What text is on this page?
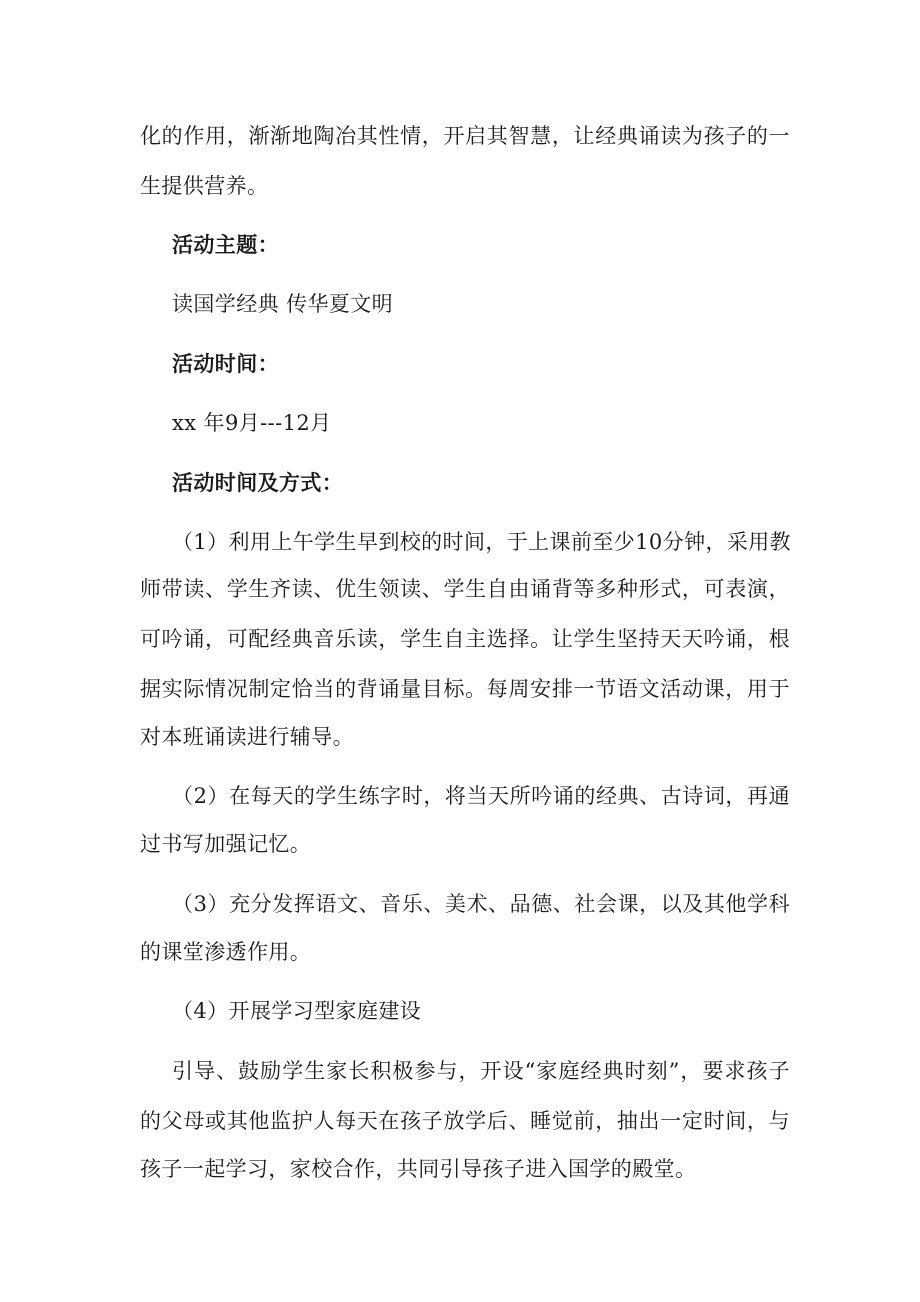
化的作用，渐渐地陶冶其性情，开启其智慧，让经典诵读为孩子的一
生提供营养。
活动主题：
读国学经典 传华夏文明
活动时间：
xx 年9月---12月
活动时间及方式：
（1）利用上午学生早到校的时间，于上课前至少10分钟，采用教
师带读、学生齐读、优生领读、学生自由诵背等多种形式，可表演，
可吟诵，可配经典音乐读，学生自主选择。让学生坚持天天吟诵，根
据实际情况制定恰当的背诵量目标。每周安排一节语文活动课，用于
对本班诵读进行辅导。
（2）在每天的学生练字时，将当天所吟诵的经典、古诗词，再通
过书写加强记忆。
（3）充分发挥语文、音乐、美术、品德、社会课，以及其他学科
的课堂渗透作用。
（4）开展学习型家庭建设
引导、鼓励学生家长积极参与，开设“家庭经典时刻”，要求孩子
的父母或其他监护人每天在孩子放学后、睡觉前，抽出一定时间，与
孩子一起学习，家校合作，共同引导孩子进入国学的殿堂。
